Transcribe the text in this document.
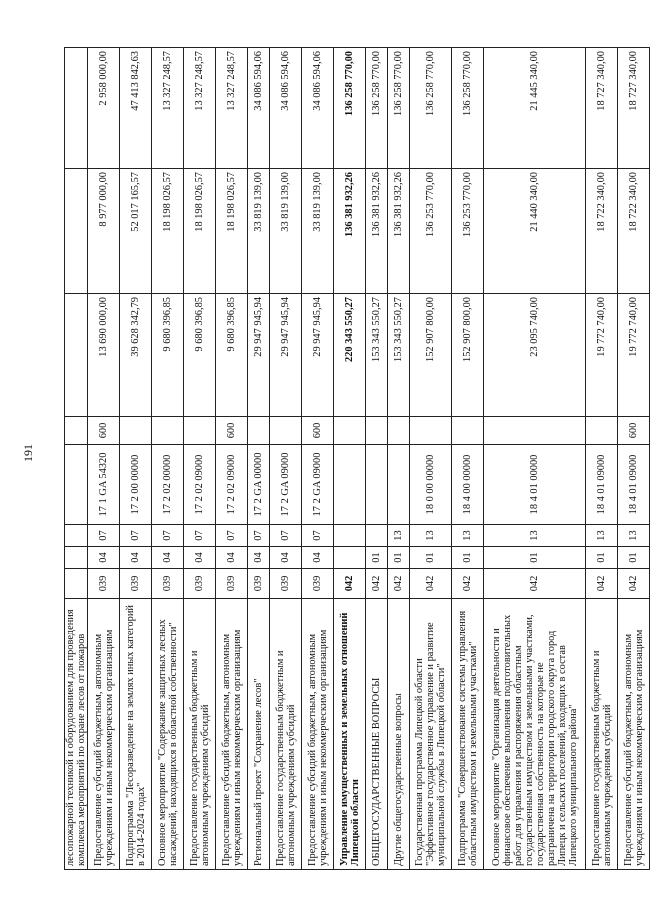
191
лесопожарной техникой и оборудованием для проведения комплекса мероприятий по охране лесов от пожаров								
Предоставление субсидий бюджетным, автономным учреждениям и иным некоммерческим организациям	039	04	07	17 1 GA 54320	600	13 690 000,00	8 977 000,00	2 958 000,00
Подпрограмма "Лесоразведение на землях иных категорий в 2014-2024 годах"	039	04	07	17 2 00 00000		39 628 342,79	52 017 165,57	47 413 842,63
Основное мероприятие "Содержание защитных лесных насаждений, находящихся в областной собственности"	039	04	07	17 2 02 00000		9 680 396,85	18 198 026,57	13 327 248,57
Предоставление государственным бюджетным и автономным учреждениям субсидий	039	04	07	17 2 02 09000		9 680 396,85	18 198 026,57	13 327 248,57
Предоставление субсидий бюджетным, автономным учреждениям и иным некоммерческим организациям	039	04	07	17 2 02 09000	600	9 680 396,85	18 198 026,57	13 327 248,57
Региональный проект "Сохранение лесов"	039	04	07	17 2 GA 00000		29 947 945,94	33 819 139,00	34 086 594,06
Предоставление государственным бюджетным и автономным учреждениям субсидий	039	04	07	17 2 GA 09000		29 947 945,94	33 819 139,00	34 086 594,06
Предоставление субсидий бюджетным, автономным учреждениям и иным некоммерческим организациям	039	04	07	17 2 GA 09000	600	29 947 945,94	33 819 139,00	34 086 594,06
Управление имущественных и земельных отношений Липецкой области	042					220 343 550,27	136 381 932,26	136 258 770,00
ОБЩЕГОСУДАРСТВЕННЫЕ ВОПРОСЫ	042	01				153 343 550,27	136 381 932,26	136 258 770,00
Другие общегосударственные вопросы	042	01	13			153 343 550,27	136 381 932,26	136 258 770,00
Государственная программа Липецкой области "Эффективное государственное управление и развитие муниципальной службы в Липецкой области"	042	01	13	18 0 00 00000		152 907 800,00	136 253 770,00	136 258 770,00
Подпрограмма "Совершенствование системы управления областным имуществом и земельными участками"	042	01	13	18 4 00 00000		152 907 800,00	136 253 770,00	136 258 770,00
Основное мероприятие "Организация деятельности и финансовое обеспечение выполнения подготовительных работ для управления и распоряжения областным государственным имуществом и земельными участками, государственная собственность на которые не разграничена на территории городского округа город Липецк и сельских поселений, входящих в состав Липецкого муниципального района"	042	01	13	18 4 01 00000		23 095 740,00	21 440 340,00	21 445 340,00
Предоставление государственным бюджетным и автономным учреждениям субсидий	042	01	13	18 4 01 09000		19 772 740,00	18 722 340,00	18 727 340,00
Предоставление субсидий бюджетным, автономным учреждениям и иным некоммерческим организациям	042	01	13	18 4 01 09000	600	19 772 740,00	18 722 340,00	18 727 340,00
